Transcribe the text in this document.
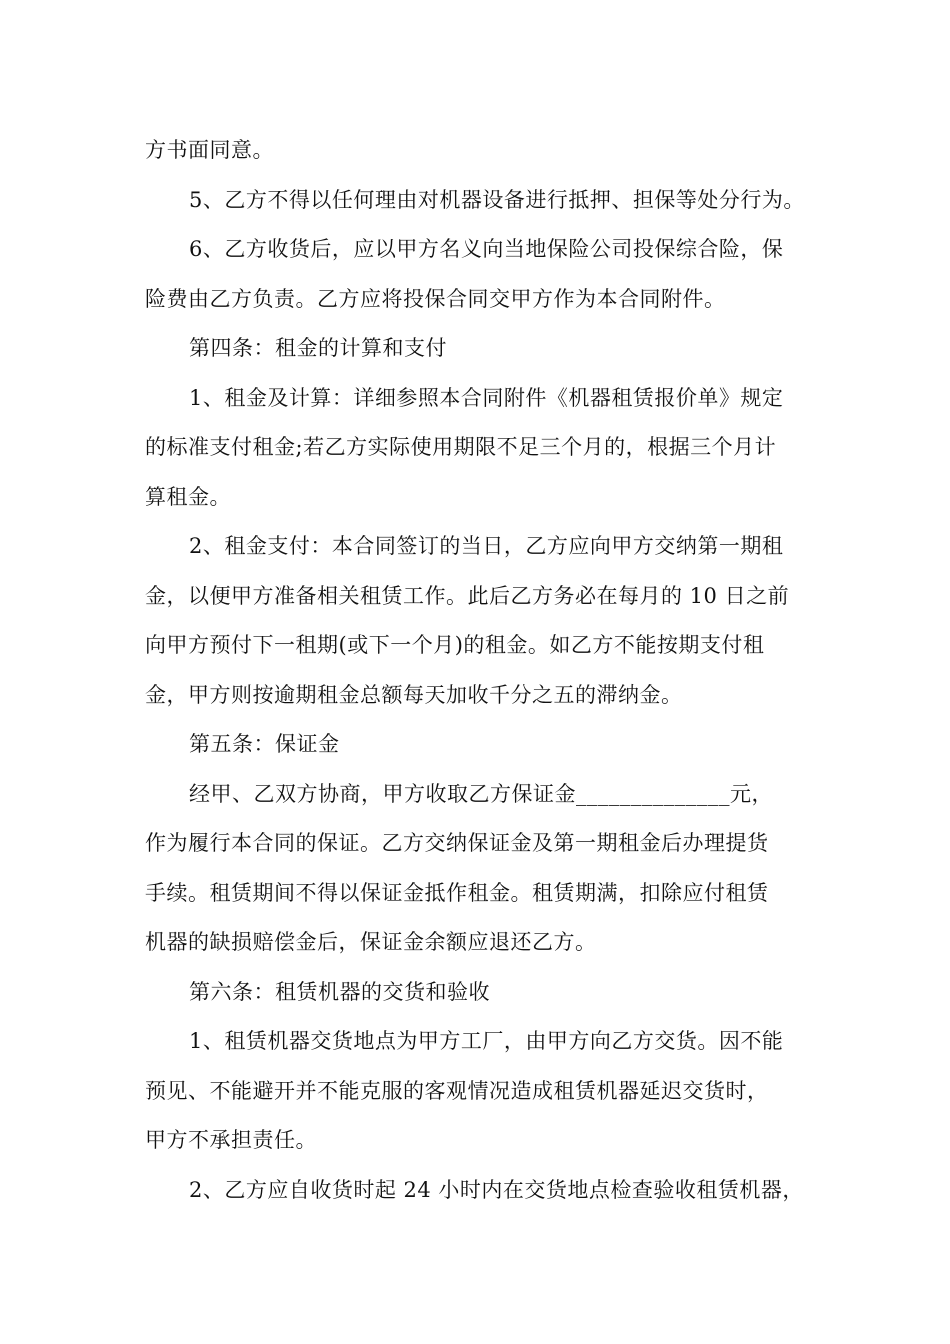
方书面同意。
5、乙方不得以任何理由对机器设备进行抵押、担保等处分行为。
6、乙方收货后，应以甲方名义向当地保险公司投保综合险，保
险费由乙方负责。乙方应将投保合同交甲方作为本合同附件。
第四条：租金的计算和支付
1、租金及计算：详细参照本合同附件《机器租赁报价单》规定
的标准支付租金;若乙方实际使用期限不足三个月的，根据三个月计
算租金。
2、租金支付：本合同签订的当日，乙方应向甲方交纳第一期租
金，以便甲方准备相关租赁工作。此后乙方务必在每月的 10 日之前
向甲方预付下一租期(或下一个月)的租金。如乙方不能按期支付租
金，甲方则按逾期租金总额每天加收千分之五的滞纳金。
第五条：保证金
经甲、乙双方协商，甲方收取乙方保证金______________元，
作为履行本合同的保证。乙方交纳保证金及第一期租金后办理提货
手续。租赁期间不得以保证金抵作租金。租赁期满，扣除应付租赁
机器的缺损赔偿金后，保证金余额应退还乙方。
第六条：租赁机器的交货和验收
1、租赁机器交货地点为甲方工厂，由甲方向乙方交货。因不能
预见、不能避开并不能克服的客观情况造成租赁机器延迟交货时，
甲方不承担责任。
2、乙方应自收货时起 24 小时内在交货地点检查验收租赁机器，
